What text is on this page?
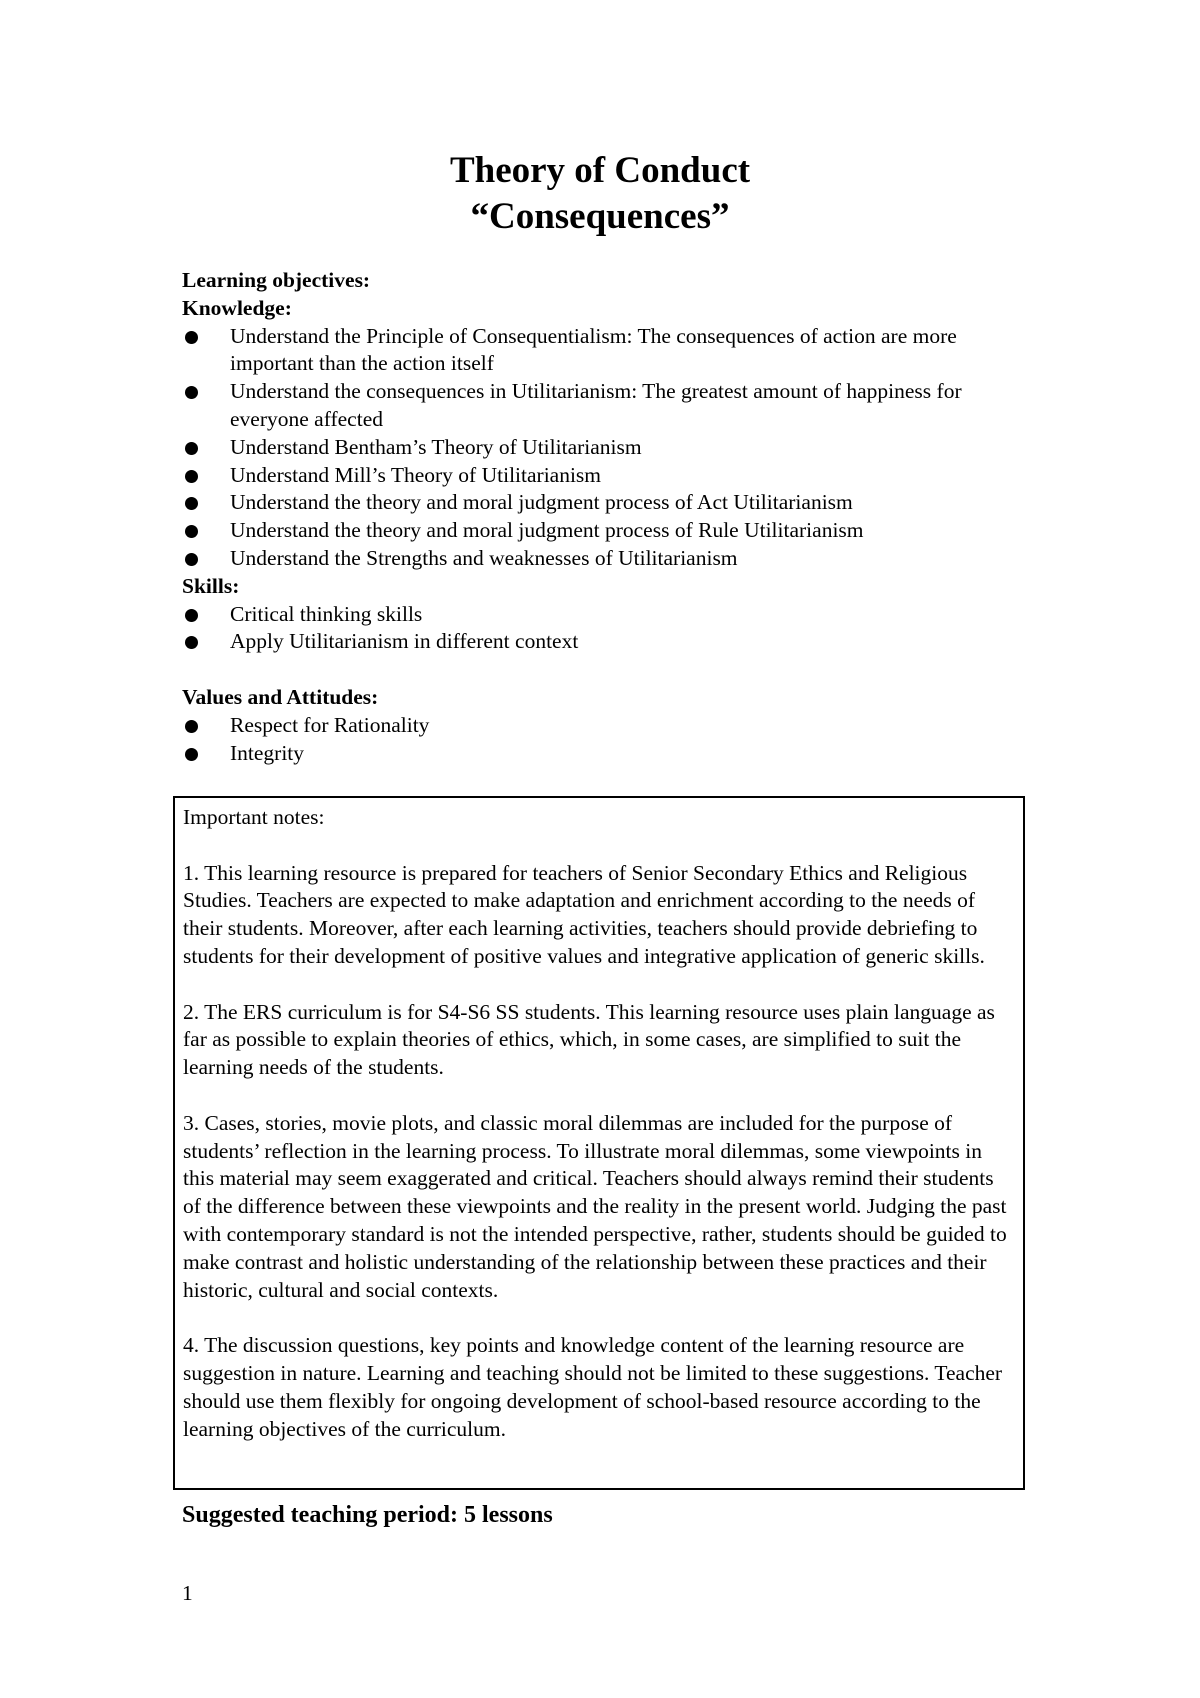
Theory of Conduct
“Consequences”

Learning objectives:

Knowledge:

Understand the Principle of Consequentialism: The consequences of action are more important than the action itself
Understand the consequences in Utilitarianism: The greatest amount of happiness for everyone affected
Understand Bentham’s Theory of Utilitarianism
Understand Mill’s Theory of Utilitarianism
Understand the theory and moral judgment process of Act Utilitarianism
Understand the theory and moral judgment process of Rule Utilitarianism
Understand the Strengths and weaknesses of Utilitarianism

Skills:

Critical thinking skills
Apply Utilitarianism in different context

Values and Attitudes:

Respect for Rationality
Integrity

Important notes:

1. This learning resource is prepared for teachers of Senior Secondary Ethics and Religious Studies. Teachers are expected to make adaptation and enrichment according to the needs of their students. Moreover, after each learning activities, teachers should provide debriefing to students for their development of positive values and integrative application of generic skills.

2. The ERS curriculum is for S4-S6 SS students. This learning resource uses plain language as far as possible to explain theories of ethics, which, in some cases, are simplified to suit the learning needs of the students.

3. Cases, stories, movie plots, and classic moral dilemmas are included for the purpose of students’ reflection in the learning process. To illustrate moral dilemmas, some viewpoints in this material may seem exaggerated and critical. Teachers should always remind their students of the difference between these viewpoints and the reality in the present world. Judging the past with contemporary standard is not the intended perspective, rather, students should be guided to make contrast and holistic understanding of the relationship between these practices and their historic, cultural and social contexts.

4. The discussion questions, key points and knowledge content of the learning resource are suggestion in nature. Learning and teaching should not be limited to these suggestions. Teacher should use them flexibly for ongoing development of school-based resource according to the learning objectives of the curriculum.

Suggested teaching period: 5 lessons

1
